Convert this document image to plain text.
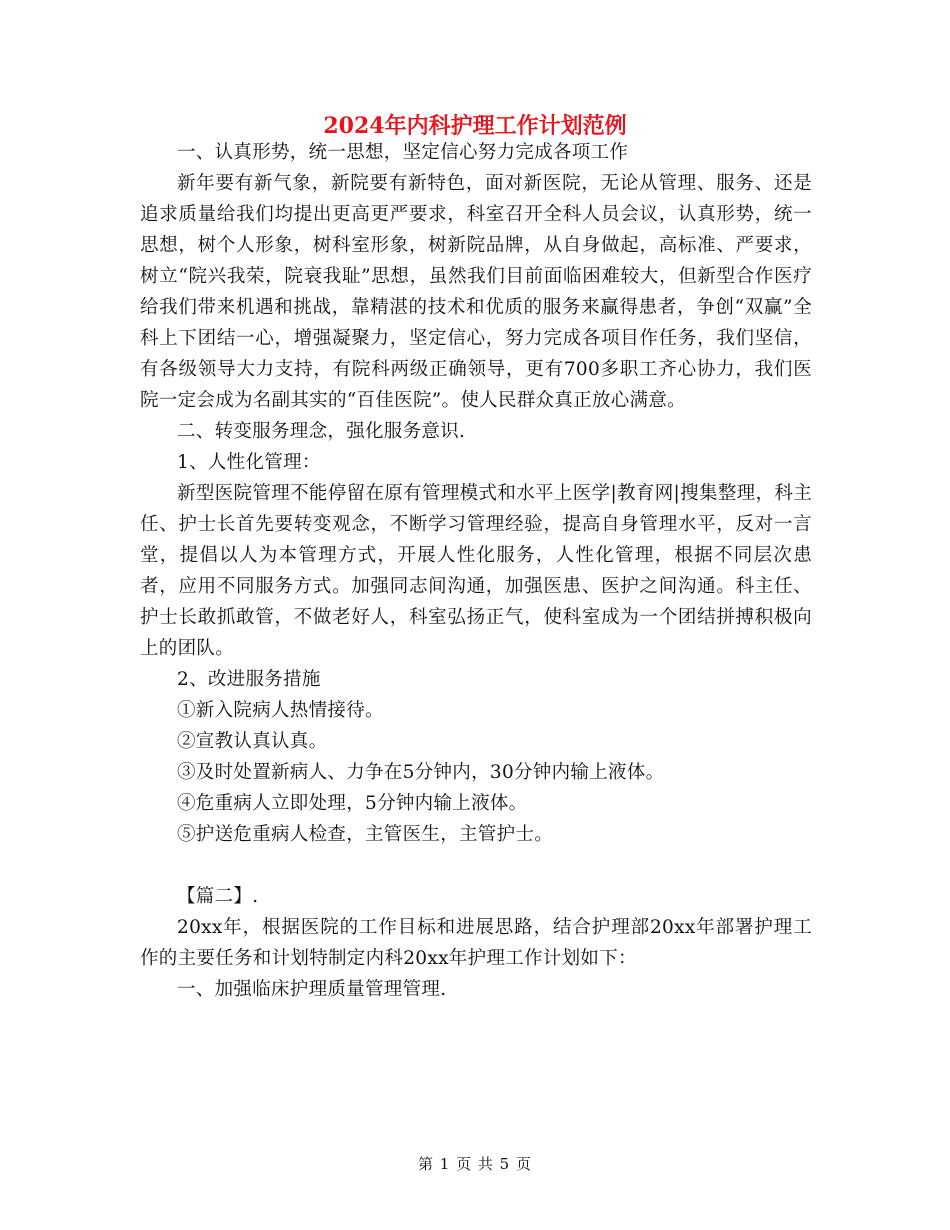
2024年内科护理工作计划范例

一、认真形势，统一思想，坚定信心努力完成各项工作

新年要有新气象，新院要有新特色，面对新医院，无论从管理、服务、还是追求质量给我们均提出更高更严要求，科室召开全科人员会议，认真形势，统一思想，树个人形象，树科室形象，树新院品牌，从自身做起，高标准、严要求，树立“院兴我荣，院衰我耻”思想，虽然我们目前面临困难较大，但新型合作医疗给我们带来机遇和挑战，靠精湛的技术和优质的服务来赢得患者，争创“双赢”全科上下团结一心，增强凝聚力，坚定信心，努力完成各项目作任务，我们坚信，有各级领导大力支持，有院科两级正确领导，更有700多职工齐心协力，我们医院一定会成为名副其实的“百佳医院”。使人民群众真正放心满意。

二、转变服务理念，强化服务意识.

1、人性化管理：

新型医院管理不能停留在原有管理模式和水平上医学|教育网|搜集整理，科主任、护士长首先要转变观念，不断学习管理经验，提高自身管理水平，反对一言堂，提倡以人为本管理方式，开展人性化服务，人性化管理，根据不同层次患者，应用不同服务方式。加强同志间沟通，加强医患、医护之间沟通。科主任、护士长敢抓敢管，不做老好人，科室弘扬正气，使科室成为一个团结拼搏积极向上的团队。

2、改进服务措施

①新入院病人热情接待。

②宣教认真认真。

③及时处置新病人、力争在5分钟内，30分钟内输上液体。

④危重病人立即处理，5分钟内输上液体。

⑤护送危重病人检查，主管医生，主管护士。

【篇二】.

20xx年，根据医院的工作目标和进展思路，结合护理部20xx年部署护理工作的主要任务和计划特制定内科20xx年护理工作计划如下：

一、加强临床护理质量管理管理.

第 1 页 共 5 页
